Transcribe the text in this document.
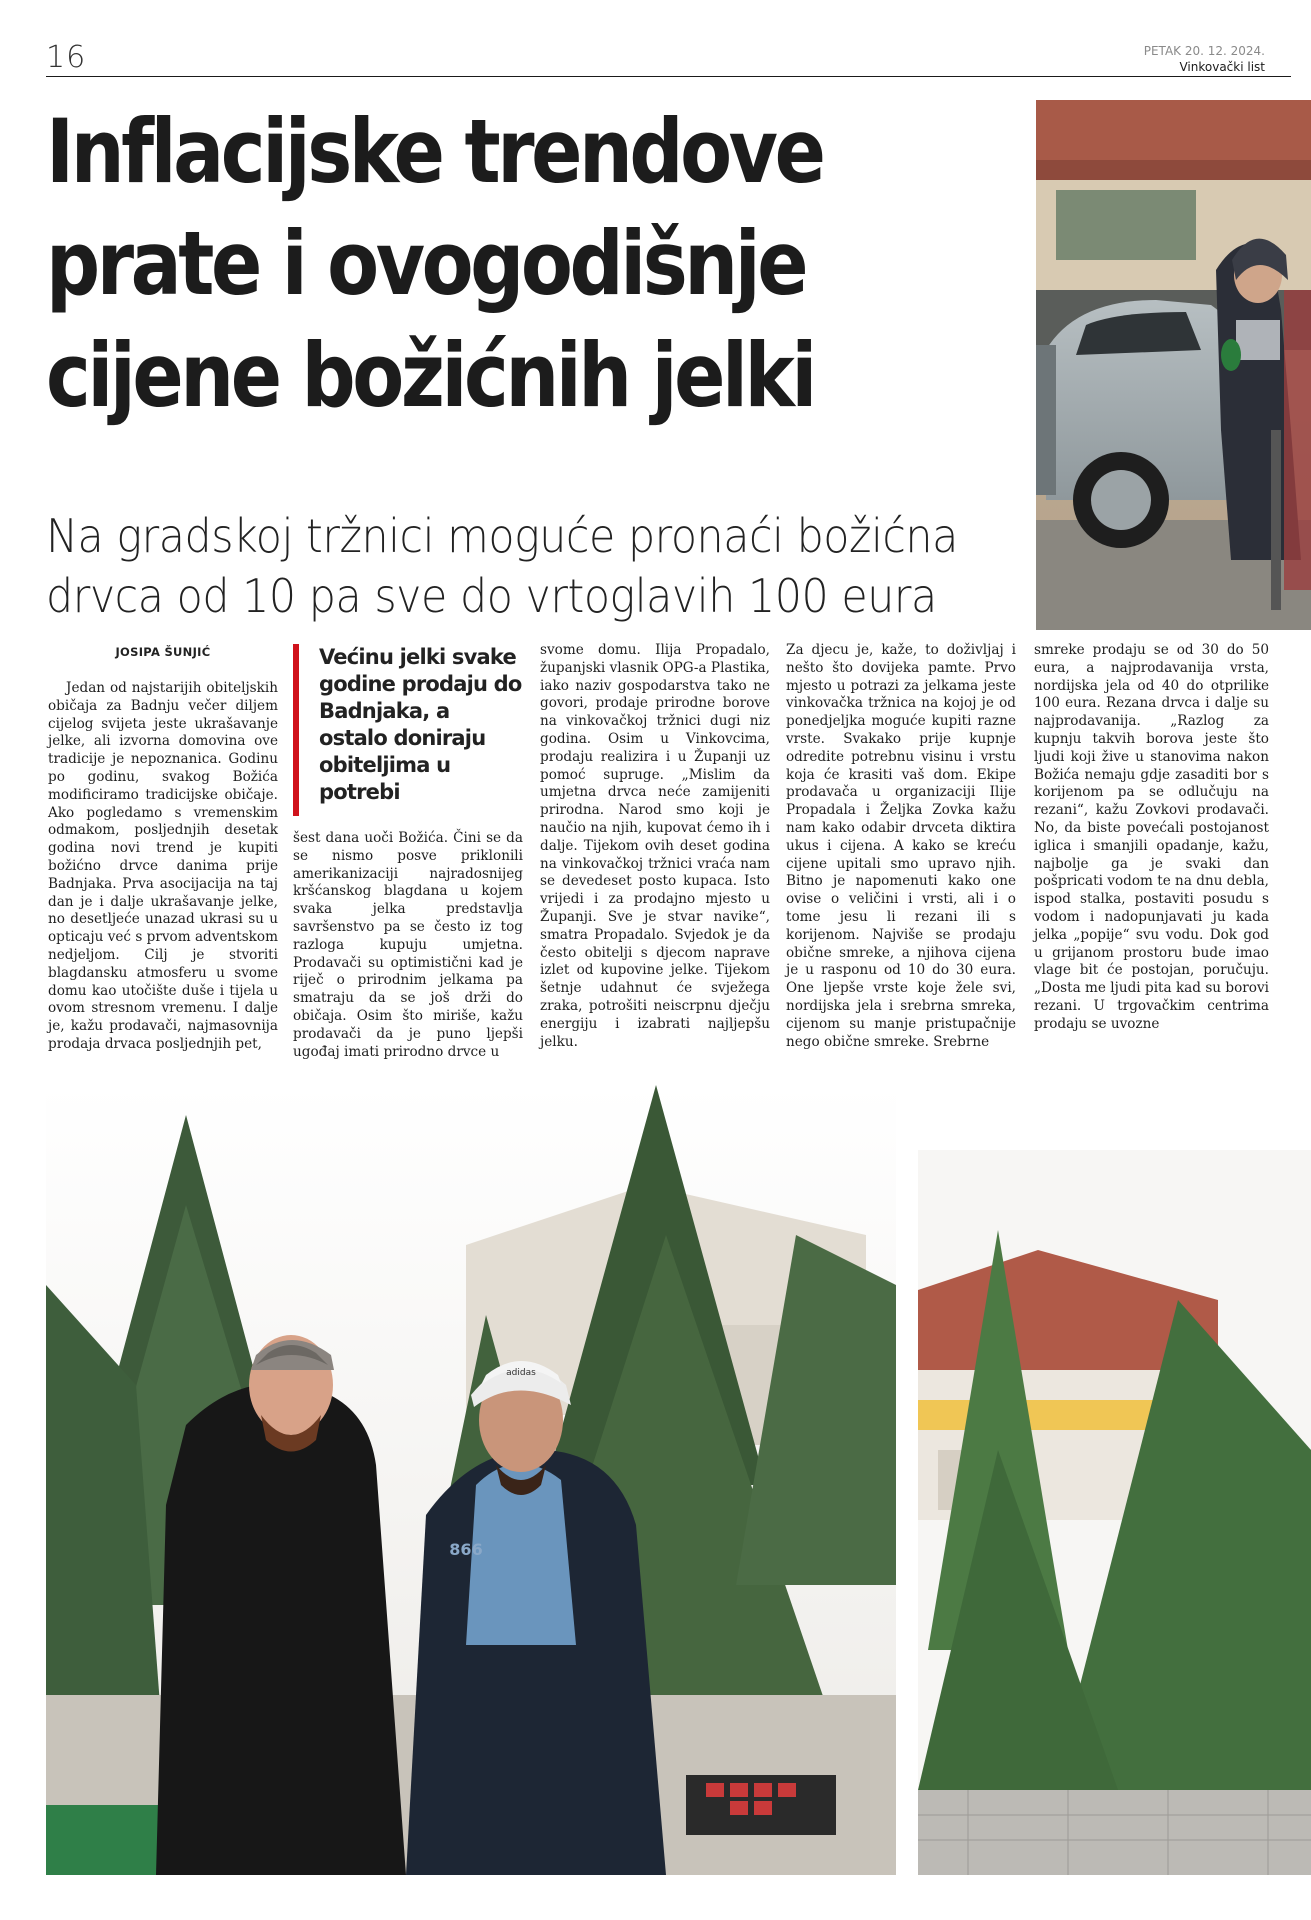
16	PETAK 20. 12. 2024.
Vinkovački list
Inflacijske trendove
prate i ovogodišnje
cijene božićnih jelki
Na gradskoj tržnici moguće pronaći božićna
drvca od 10 pa sve do vrtoglavih 100 eura
JOSIPA ŠUNJIĆ

Jedan od najstarijih obiteljskih običaja za Badnju večer diljem cijelog svijeta jeste ukrašavanje jelke, ali izvorna domovina ove tradicije je nepoznanica. Godinu po godinu, svakog Božića modificiramo tradicijske običaje. Ako pogledamo s vremenskim odmakom, posljednjih desetak godina novi trend je kupiti božićno drvce danima prije Badnjaka. Prva asocijacija na taj dan je i dalje ukrašavanje jelke, no desetljeće unazad ukrasi su u opticaju već s prvom adventskom nedjeljom. Cilj je stvoriti blagdansku atmosferu u svome domu kao utočište duše i tijela u ovom stresnom vremenu. I dalje je, kažu prodavači, najmasovnija prodaja drvaca posljednjih pet,

Većinu jelki svake godine prodaju do Badnjaka, a ostalo doniraju obiteljima u potrebi

šest dana uoči Božića. Čini se da se nismo posve priklonili amerikanizaciji najradosnijeg kršćanskog blagdana u kojem svaka jelka predstavlja savršenstvo pa se često iz tog razloga kupuju umjetna. Prodavači su optimistični kad je riječ o prirodnim jelkama pa smatraju da se još drži do običaja. Osim što miriše, kažu prodavači da je puno ljepši ugođaj imati prirodno drvce u

svome domu. Ilija Propadalo, županjski vlasnik OPG-a Plastika, iako naziv gospodarstva tako ne govori, prodaje prirodne borove na vinkovačkoj tržnici dugi niz godina. Osim u Vinkovcima, prodaju realizira i u Županji uz pomoć supruge. „Mislim da umjetna drvca neće zamijeniti prirodna. Narod smo koji je naučio na njih, kupovat ćemo ih i dalje. Tijekom ovih deset godina na vinkovačkoj tržnici vraća nam se devedeset posto kupaca. Isto vrijedi i za prodajno mjesto u Županji. Sve je stvar navike“, smatra Propadalo. Svjedok je da često obitelji s djecom naprave izlet od kupovine jelke. Tijekom šetnje udahnut će svježega zraka, potrošiti neiscrpnu dječju energiju i izabrati najljepšu jelku.

Za djecu je, kaže, to doživljaj i nešto što dovijeka pamte. Prvo mjesto u potrazi za jelkama jeste vinkovačka tržnica na kojoj je od ponedjeljka moguće kupiti razne vrste. Svakako prije kupnje odredite potrebnu visinu i vrstu koja će krasiti vaš dom. Ekipe prodavača u organizaciji Ilije Propadala i Željka Zovka kažu nam kako odabir drvceta diktira ukus i cijena. A kako se kreću cijene upitali smo upravo njih. Bitno je napomenuti kako one ovise o veličini i vrsti, ali i o tome jesu li rezani ili s korijenom. Najviše se prodaju obične smreke, a njihova cijena je u rasponu od 10 do 30 eura. One ljepše vrste koje žele svi, nordijska jela i srebrna smreka, cijenom su manje pristupačnije nego obične smreke. Srebrne

smreke prodaju se od 30 do 50 eura, a najprodavanija vrsta, nordijska jela od 40 do otprilike 100 eura. Rezana drvca i dalje su najprodavanija. „Razlog za kupnju takvih borova jeste što ljudi koji žive u stanovima nakon Božića nemaju gdje zasaditi bor s korijenom pa se odlučuju na rezani“, kažu Zovkovi prodavači. No, da biste povećali postojanost iglica i smanjili opadanje, kažu, najbolje ga je svaki dan pošpricati vodom te na dnu debla, ispod stalka, postaviti posudu s vodom i nadopunjavati ju kada jelka „popije“ svu vodu. Dok god u grijanom prostoru bude imao vlage bit će postojan, poručuju. „Dosta me ljudi pita kad su borovi rezani. U trgovačkim centrima prodaju se uvozne

adidas
866
